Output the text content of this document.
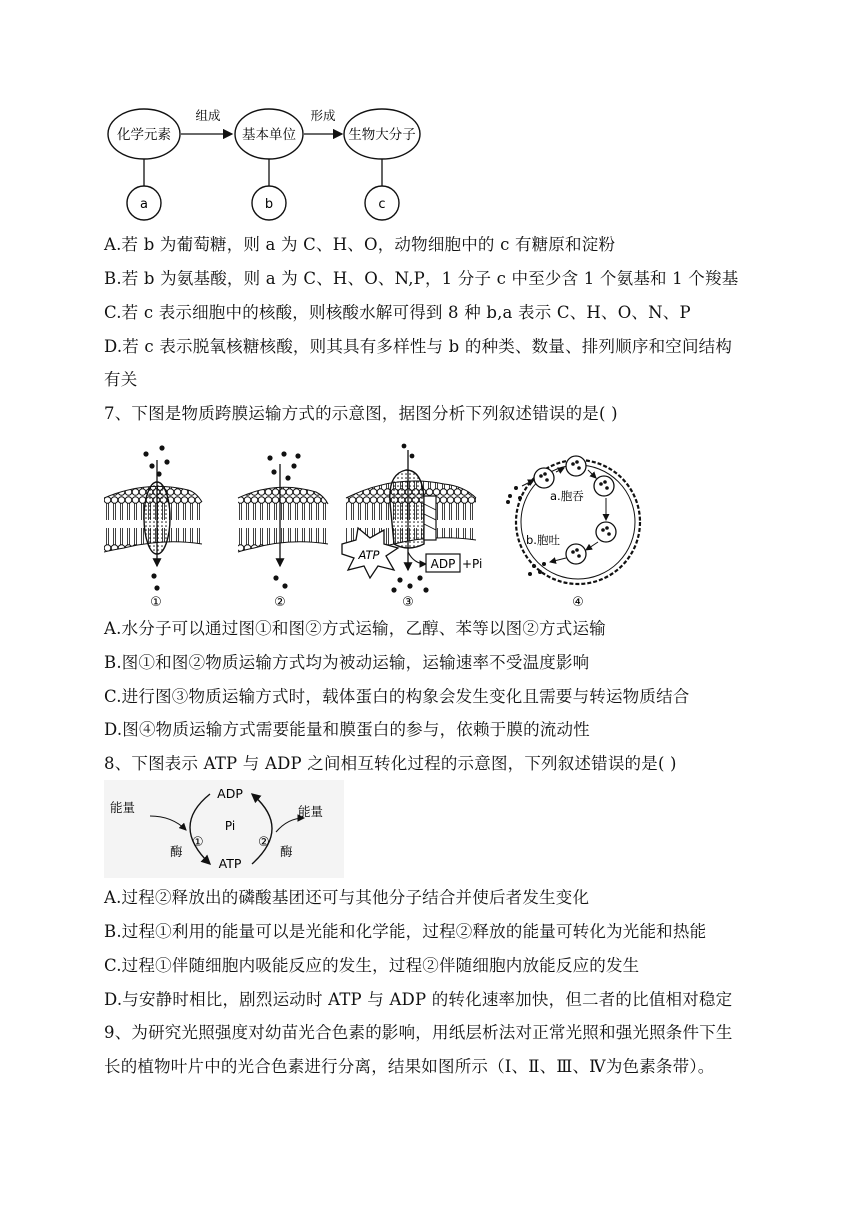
化学元素	基本单位	生物大分子
组成	形成
a	b	c
A.若 b 为葡萄糖，则 a 为 C、H、O，动物细胞中的 c 有糖原和淀粉
B.若 b 为氨基酸，则 a 为 C、H、O、N,P，1 分子 c 中至少含 1 个氨基和 1 个羧基
C.若 c 表示细胞中的核酸，则核酸水解可得到 8 种 b,a 表示 C、H、O、N、P
D.若 c 表示脱氧核糖核酸，则其具有多样性与 b 的种类、数量、排列顺序和空间结构
有关
7、下图是物质跨膜运输方式的示意图，据图分析下列叙述错误的是( )
①	②
ATP
ADP +Pi
③
a.胞吞
b.胞吐
④
A.水分子可以通过图①和图②方式运输，乙醇、苯等以图②方式运输
B.图①和图②物质运输方式均为被动运输，运输速率不受温度影响
C.进行图③物质运输方式时，载体蛋白的构象会发生变化且需要与转运物质结合
D.图④物质运输方式需要能量和膜蛋白的参与，依赖于膜的流动性
8、下图表示 ATP 与 ADP 之间相互转化过程的示意图，下列叙述错误的是( )
ADP
Pi
ATP
能量	能量
①	②
酶	酶
A.过程②释放出的磷酸基团还可与其他分子结合并使后者发生变化
B.过程①利用的能量可以是光能和化学能，过程②释放的能量可转化为光能和热能
C.过程①伴随细胞内吸能反应的发生，过程②伴随细胞内放能反应的发生
D.与安静时相比，剧烈运动时 ATP 与 ADP 的转化速率加快，但二者的比值相对稳定
9、为研究光照强度对幼苗光合色素的影响，用纸层析法对正常光照和强光照条件下生
长的植物叶片中的光合色素进行分离，结果如图所示（Ⅰ、Ⅱ、Ⅲ、Ⅳ为色素条带）。
